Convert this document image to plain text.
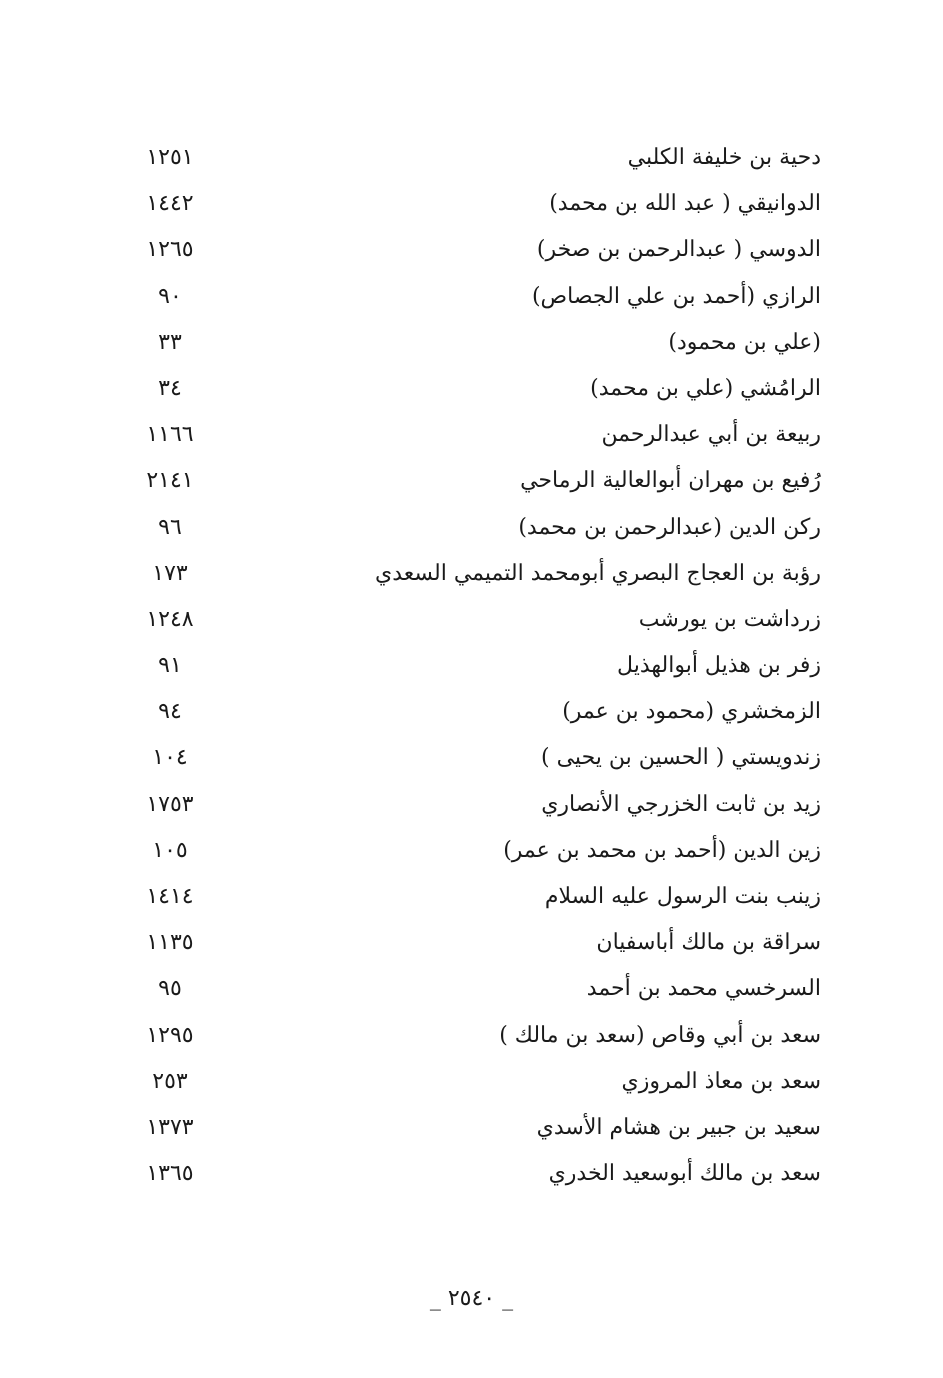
دحية بن خليفة الكلبي
١٢٥١
الدوانيقي ( عبد الله بن محمد)
١٤٤٢
الدوسي ( عبدالرحمن بن صخر)
١٢٦٥
الرازي (أحمد بن علي الجصاص)
٩٠
(علي بن محمود)
٣٣
الرامُشي (علي بن محمد)
٣٤
ربيعة بن أبي عبدالرحمن
١١٦٦
رُفيع بن مهران أبوالعالية الرماحي
٢١٤١
ركن الدين (عبدالرحمن بن محمد)
٩٦
رؤبة بن العجاج البصري أبومحمد التميمي السعدي
١٧٣
زرداشت بن يورشب
١٢٤٨
زفر بن هذيل أبوالهذيل
٩١
الزمخشري (محمود بن عمر)
٩٤
زندويستي ( الحسين بن يحيى )
١٠٤
زيد بن ثابت الخزرجي الأنصاري
١٧٥٣
زين الدين (أحمد بن محمد بن عمر)
١٠٥
زينب بنت الرسول عليه السلام
١٤١٤
سراقة بن مالك أباسفيان
١١٣٥
السرخسي محمد بن أحمد
٩٥
سعد بن أبي وقاص (سعد بن مالك )
١٢٩٥
سعد بن معاذ المروزي
٢٥٣
سعيد بن جبير بن هشام الأسدي
١٣٧٣
سعد بن مالك أبوسعيد الخدري
١٣٦٥
_ ٢٥٤٠ _
